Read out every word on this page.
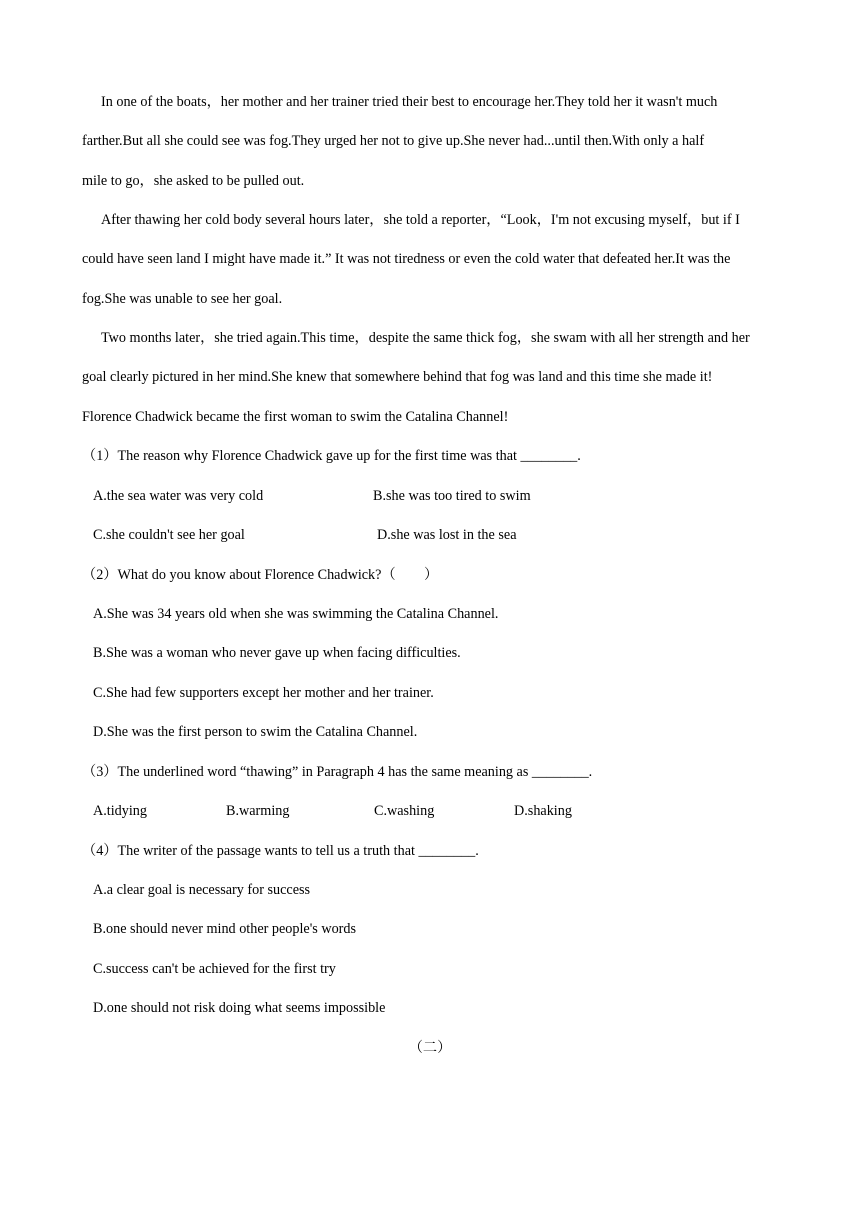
In one of the boats，her mother and her trainer tried their best to encourage her.They told her it wasn't much
farther.But all she could see was fog.They urged her not to give up.She never had...until then.With only a half
mile to go，she asked to be pulled out.
After thawing her cold body several hours later，she told a reporter，“Look，I'm not excusing myself，but if I
could have seen land I might have made it.” It was not tiredness or even the cold water that defeated her.It was the
fog.She was unable to see her goal.
Two months later，she tried again.This time，despite the same thick fog，she swam with all her strength and her
goal clearly pictured in her mind.She knew that somewhere behind that fog was land and this time she made it!
Florence Chadwick became the first woman to swim the Catalina Channel!
（1）The reason why Florence Chadwick gave up for the first time was that ________.
A.the sea water was very cold	B.she was too tired to swim
C.she couldn't see her goal	D.she was lost in the sea
（2）What do you know about Florence Chadwick?（　　）
A.She was 34 years old when she was swimming the Catalina Channel.
B.She was a woman who never gave up when facing difficulties.
C.She had few supporters except her mother and her trainer.
D.She was the first person to swim the Catalina Channel.
（3）The underlined word “thawing” in Paragraph 4 has the same meaning as ________.
A.tidying	B.warming	C.washing	D.shaking
（4）The writer of the passage wants to tell us a truth that ________.
A.a clear goal is necessary for success
B.one should never mind other people's words
C.success can't be achieved for the first try
D.one should not risk doing what seems impossible
（二）
